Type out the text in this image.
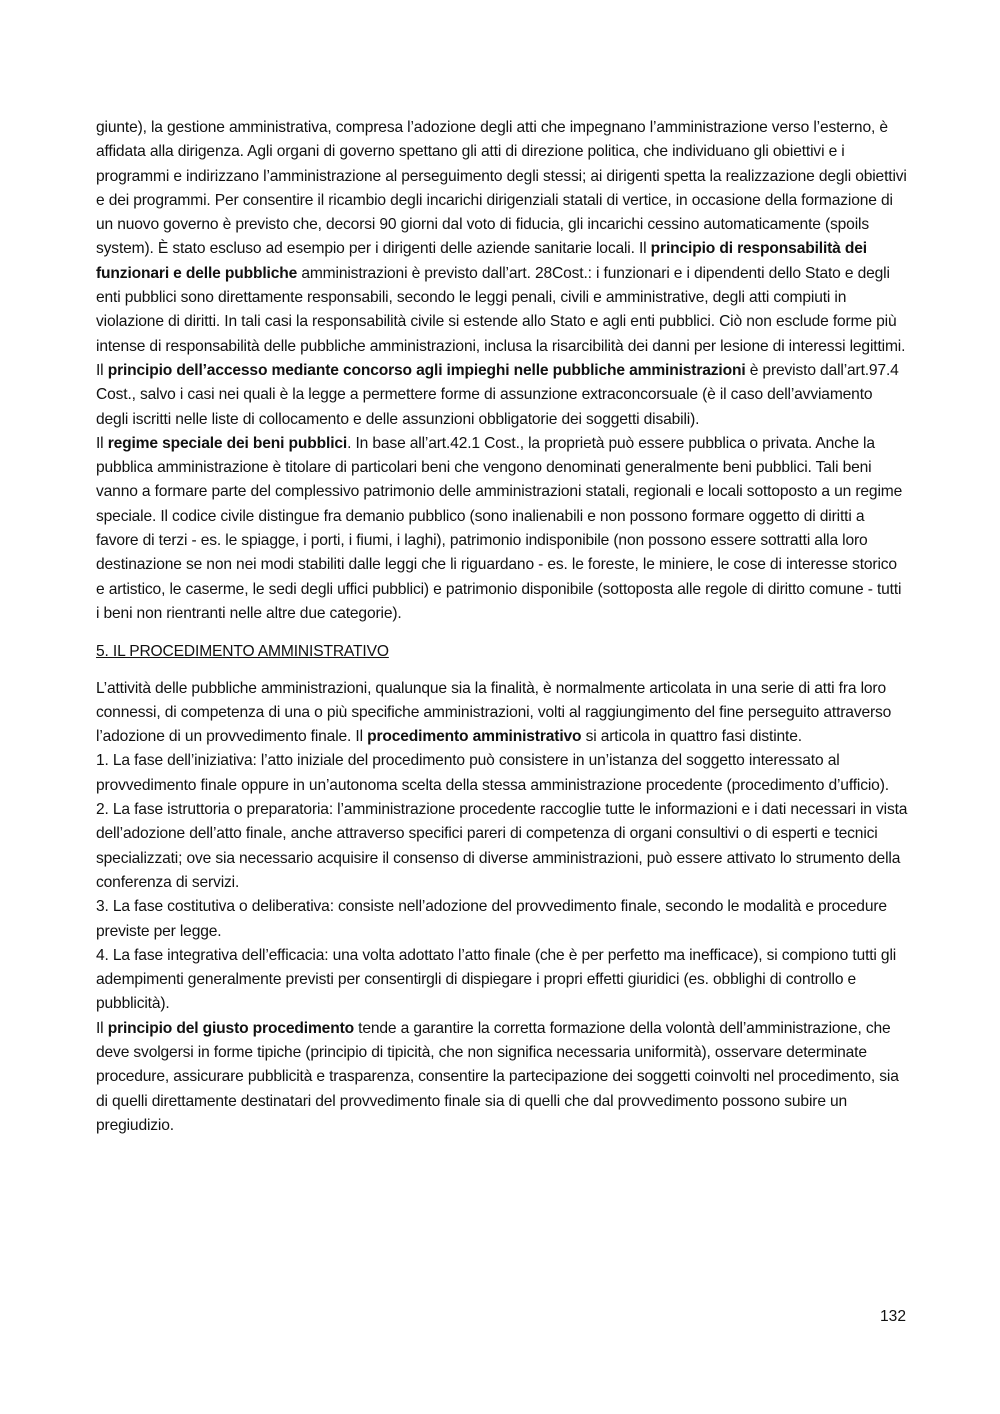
giunte), la gestione amministrativa, compresa l’adozione degli atti che impegnano l’amministrazione verso l’esterno, è affidata alla dirigenza. Agli organi di governo spettano gli atti di direzione politica, che individuano gli obiettivi e i programmi e indirizzano l’amministrazione al perseguimento degli stessi; ai dirigenti spetta la realizzazione degli obiettivi e dei programmi. Per consentire il ricambio degli incarichi dirigenziali statali di vertice, in occasione della formazione di un nuovo governo è previsto che, decorsi 90 giorni dal voto di fiducia, gli incarichi cessino automaticamente (spoils system). È stato escluso ad esempio per i dirigenti delle aziende sanitarie locali. Il principio di responsabilità dei funzionari e delle pubbliche amministrazioni è previsto dall’art. 28Cost.: i funzionari e i dipendenti dello Stato e degli enti pubblici sono direttamente responsabili, secondo le leggi penali, civili e amministrative, degli atti compiuti in violazione di diritti. In tali casi la responsabilità civile si estende allo Stato e agli enti pubblici. Ciò non esclude forme più intense di responsabilità delle pubbliche amministrazioni, inclusa la risarcibilità dei danni per lesione di interessi legittimi.

Il principio dell’accesso mediante concorso agli impieghi nelle pubbliche amministrazioni è previsto dall’art.97.4 Cost., salvo i casi nei quali è la legge a permettere forme di assunzione extraconcorsuale (è il caso dell’avviamento degli iscritti nelle liste di collocamento e delle assunzioni obbligatorie dei soggetti disabili).

Il regime speciale dei beni pubblici. In base all’art.42.1 Cost., la proprietà può essere pubblica o privata. Anche la pubblica amministrazione è titolare di particolari beni che vengono denominati generalmente beni pubblici. Tali beni vanno a formare parte del complessivo patrimonio delle amministrazioni statali, regionali e locali sottoposto a un regime speciale. Il codice civile distingue fra demanio pubblico (sono inalienabili e non possono formare oggetto di diritti a favore di terzi - es. le spiagge, i porti, i fiumi, i laghi), patrimonio indisponibile (non possono essere sottratti alla loro destinazione se non nei modi stabiliti dalle leggi che li riguardano - es. le foreste, le miniere, le cose di interesse storico e artistico, le caserme, le sedi degli uffici pubblici) e patrimonio disponibile (sottoposta alle regole di diritto comune - tutti i beni non rientranti nelle altre due categorie).

5. IL PROCEDIMENTO AMMINISTRATIVO

L’attività delle pubbliche amministrazioni, qualunque sia la finalità, è normalmente articolata in una serie di atti fra loro connessi, di competenza di una o più specifiche amministrazioni, volti al raggiungimento del fine perseguito attraverso l’adozione di un provvedimento finale. Il procedimento amministrativo si articola in quattro fasi distinte.

1. La fase dell’iniziativa: l’atto iniziale del procedimento può consistere in un’istanza del soggetto interessato al provvedimento finale oppure in un’autonoma scelta della stessa amministrazione procedente (procedimento d’ufficio).

2. La fase istruttoria o preparatoria: l’amministrazione procedente raccoglie tutte le informazioni e i dati necessari in vista dell’adozione dell’atto finale, anche attraverso specifici pareri di competenza di organi consultivi o di esperti e tecnici specializzati; ove sia necessario acquisire il consenso di diverse amministrazioni, può essere attivato lo strumento della conferenza di servizi.

3. La fase costitutiva o deliberativa: consiste nell’adozione del provvedimento finale, secondo le modalità e procedure previste per legge.

4. La fase integrativa dell’efficacia: una volta adottato l’atto finale (che è per perfetto ma inefficace), si compiono tutti gli adempimenti generalmente previsti per consentirgli di dispiegare i propri effetti giuridici (es. obblighi di controllo e pubblicità).

Il principio del giusto procedimento tende a garantire la corretta formazione della volontà dell’amministrazione, che deve svolgersi in forme tipiche (principio di tipicità, che non significa necessaria uniformità), osservare determinate procedure, assicurare pubblicità e trasparenza, consentire la partecipazione dei soggetti coinvolti nel procedimento, sia di quelli direttamente destinatari del provvedimento finale sia di quelli che dal provvedimento possono subire un pregiudizio.

132
